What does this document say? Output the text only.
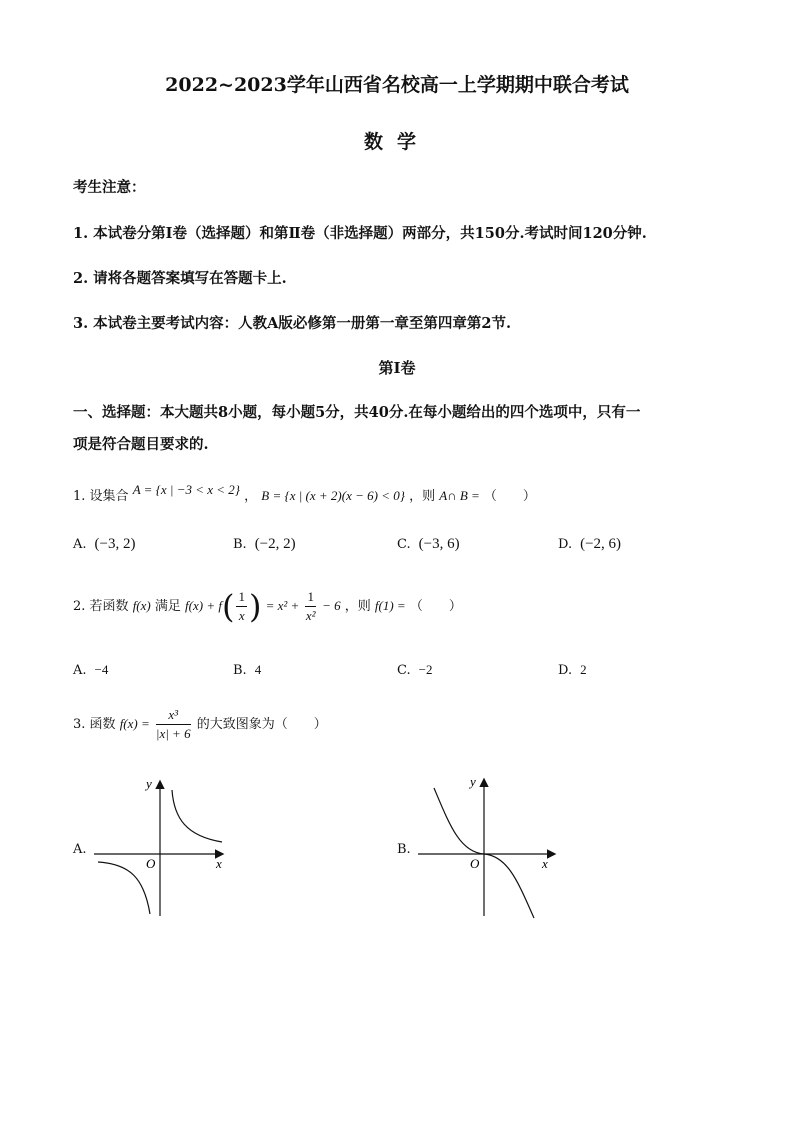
2022~2023学年山西省名校高一上学期期中联合考试
数学
考生注意：
1. 本试卷分第Ⅰ卷（选择题）和第Ⅱ卷（非选择题）两部分，共150分.考试时间120分钟.
2. 请将各题答案填写在答题卡上.
3. 本试卷主要考试内容：人教A版必修第一册第一章至第四章第2节.
第Ⅰ卷
一、选择题：本大题共8小题，每小题5分，共40分.在每小题给出的四个选项中，只有一
项是符合题目要求的.
1. 设集合 A = {x | −3 < x < 2} ， B = {x | (x + 2)(x − 6) < 0} ，则 A∩ B = （　　）
A. (−3, 2)	B. (−2, 2)	C. (−3, 6)	D. (−2, 6)
2. 若函数 f(x) 满足 $f(x) + f( \frac{1}{x}$ ) = $x^2 + \frac{1}{\text{x²}} - 6$ ，则 f(1) = （　　）
A. −4	B. 4	C. −2	D. 2
3. 函数 $f(x) = \frac{\text{x³}}{|x| + 6}$ 的大致图象为（　　）
A.
x
y
O
B.
x
y
O
